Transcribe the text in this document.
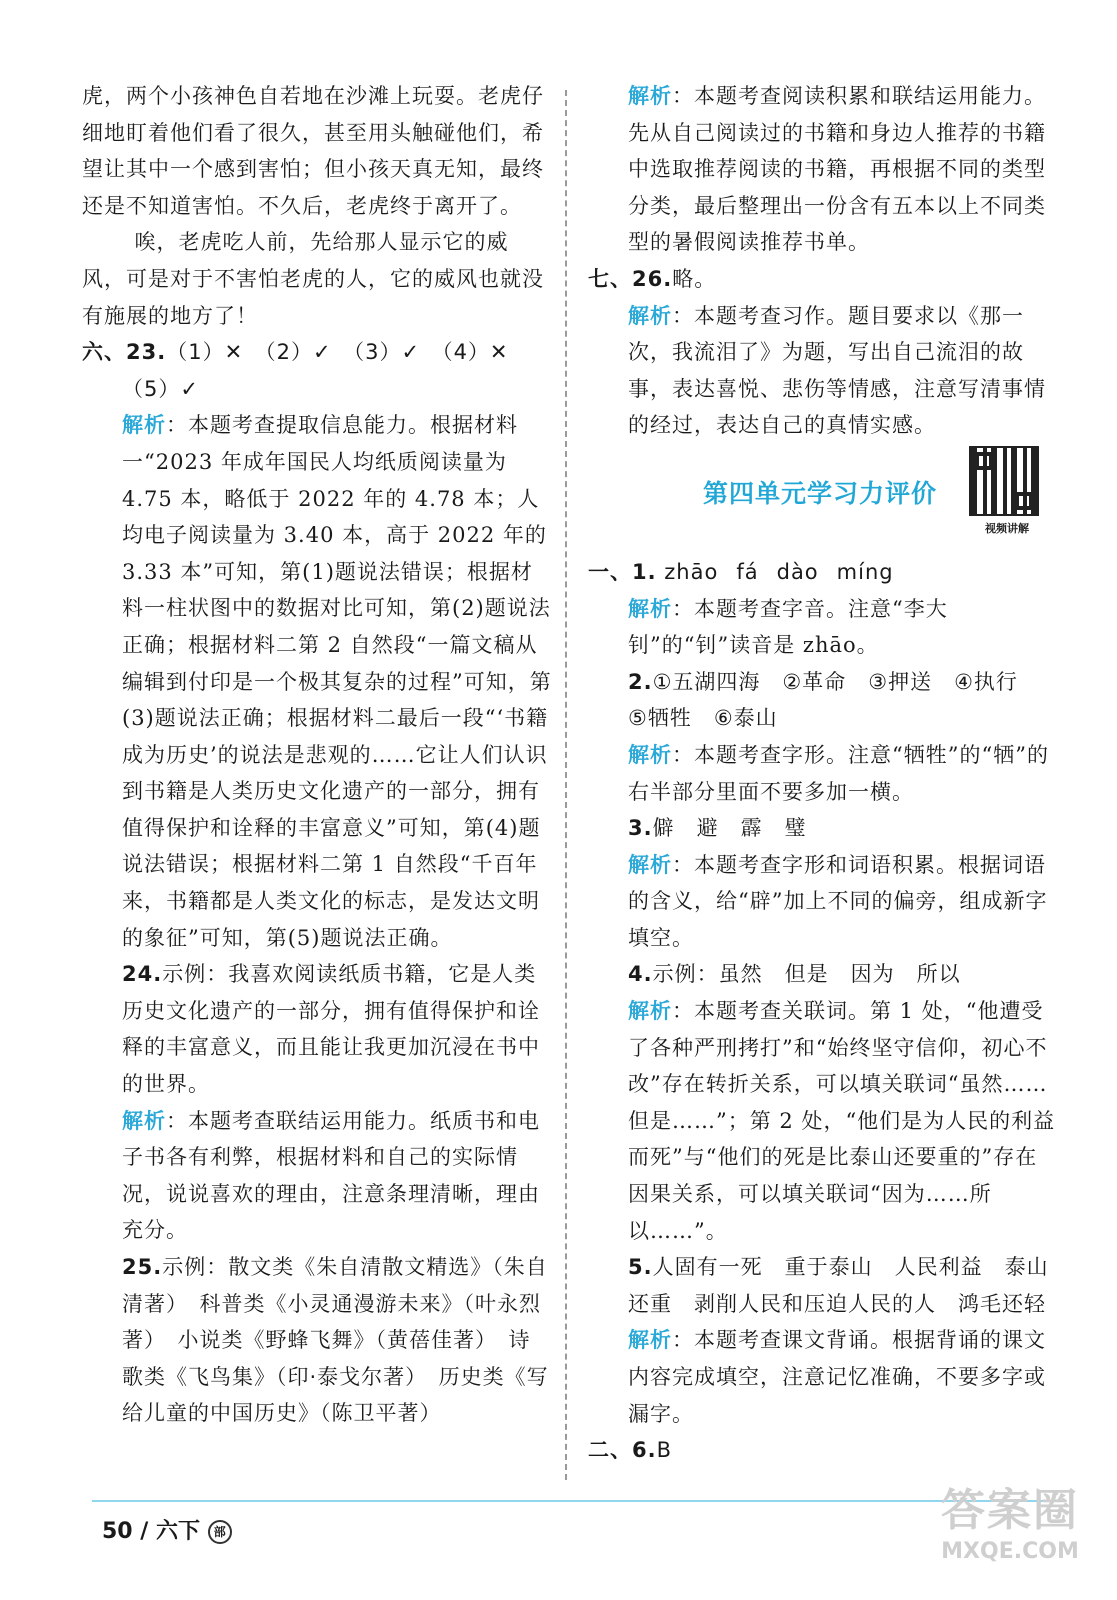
虎，两个小孩神色自若地在沙滩上玩耍。老虎仔细地盯着他们看了很久，甚至用头触碰他们，希望让其中一个感到害怕；但小孩天真无知，最终还是不知道害怕。不久后，老虎终于离开了。

唉，老虎吃人前，先给那人显示它的威风，可是对于不害怕老虎的人，它的威风也就没有施展的地方了！

六、23.（1）✕　（2）✓　（3）✓　（4）✕

（5）✓

解析：本题考查提取信息能力。根据材料一“2023 年成年国民人均纸质阅读量为 4.75 本，略低于 2022 年的 4.78 本；人均电子阅读量为 3.40 本，高于 2022 年的 3.33 本”可知，第(1)题说法错误；根据材料一柱状图中的数据对比可知，第(2)题说法正确；根据材料二第 2 自然段“一篇文稿从编辑到付印是一个极其复杂的过程”可知，第(3)题说法正确；根据材料二最后一段“‘书籍成为历史’的说法是悲观的……它让人们认识到书籍是人类历史文化遗产的一部分，拥有值得保护和诠释的丰富意义”可知，第(4)题说法错误；根据材料二第 1 自然段“千百年来，书籍都是人类文化的标志，是发达文明的象征”可知，第(5)题说法正确。

24.示例：我喜欢阅读纸质书籍，它是人类历史文化遗产的一部分，拥有值得保护和诠释的丰富意义，而且能让我更加沉浸在书中的世界。

解析：本题考查联结运用能力。纸质书和电子书各有利弊，根据材料和自己的实际情况，说说喜欢的理由，注意条理清晰，理由充分。

25.示例：散文类《朱自清散文精选》（朱自清著）　科普类《小灵通漫游未来》（叶永烈著）　小说类《野蜂飞舞》（黄蓓佳著）　诗歌类《飞鸟集》（印·泰戈尔著）　历史类《写给儿童的中国历史》（陈卫平著）

解析：本题考查阅读积累和联结运用能力。先从自己阅读过的书籍和身边人推荐的书籍中选取推荐阅读的书籍，再根据不同的类型分类，最后整理出一份含有五本以上不同类型的暑假阅读推荐书单。

七、26.略。

解析：本题考查习作。题目要求以《那一次，我流泪了》为题，写出自己流泪的故事，表达喜悦、悲伤等情感，注意写清事情的经过，表达自己的真情实感。

一、1. zhāo fá dào míng

解析：本题考查字音。注意“李大钊”的“钊”读音是 zhāo。

2.①五湖四海　②革命　③押送　④执行　⑤牺牲　⑥泰山

解析：本题考查字形。注意“牺牲”的“牺”的右半部分里面不要多加一横。

3.僻　避　霹　璧

解析：本题考查字形和词语积累。根据词语的含义，给“辟”加上不同的偏旁，组成新字填空。

4.示例：虽然　但是　因为　所以

解析：本题考查关联词。第 1 处，“他遭受了各种严刑拷打”和“始终坚守信仰，初心不改”存在转折关系，可以填关联词“虽然……但是……”；第 2 处，“他们是为人民的利益而死”与“他们的死是比泰山还要重的”存在因果关系，可以填关联词“因为……所以……”。

5.人固有一死　重于泰山　人民利益　泰山还重　剥削人民和压迫人民的人　鸿毛还轻

解析：本题考查课文背诵。根据背诵的课文内容完成填空，注意记忆准确，不要多字或漏字。

二、6.B

第四单元学习力评价
视频讲解
50 / 六下 部	答案圈
MXQE.COM
